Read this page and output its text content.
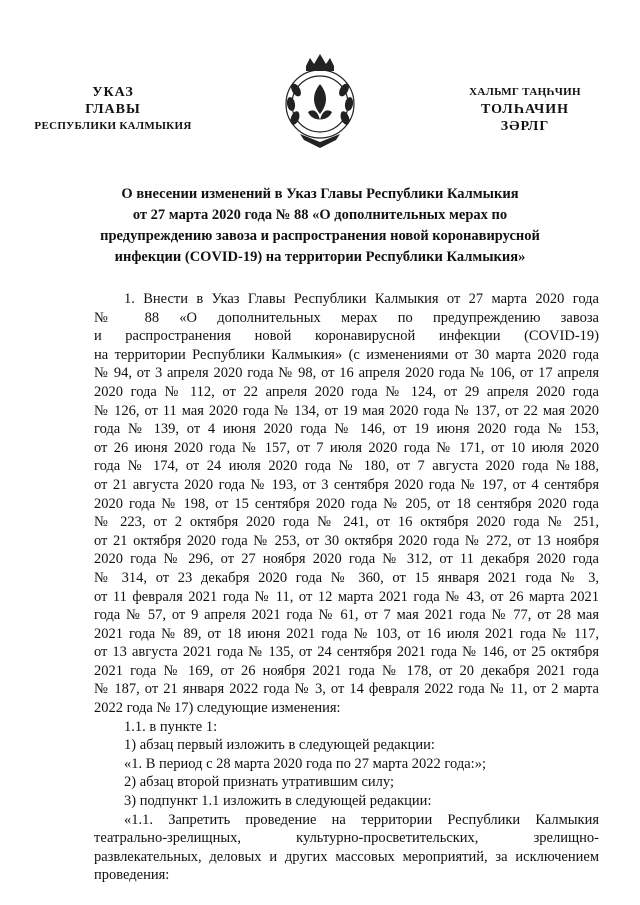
УКАЗ
ГЛАВЫ
РЕСПУБЛИКИ КАЛМЫКИЯ
ХАЛЬМГ ТАҢҺЧИН
ТОЛҺАЧИН
ЗӘРЛГ
О внесении изменений в Указ Главы Республики Калмыкия
от 27 марта 2020 года № 88 «О дополнительных мерах по
предупреждению завоза и распространения новой коронавирусной
инфекции (COVID-19) на территории Республики Калмыкия»
1. Внести в Указ Главы Республики Калмыкия от 27 марта 2020 года
№ 88 «О дополнительных мерах по предупреждению завоза
и распространения новой коронавирусной инфекции (COVID-19)
на территории Республики Калмыкия» (с изменениями от 30 марта 2020 года
№ 94, от 3 апреля 2020 года № 98, от 16 апреля 2020 года № 106, от 17 апреля
2020 года № 112, от 22 апреля 2020 года № 124, от 29 апреля 2020 года
№ 126, от 11 мая 2020 года № 134, от 19 мая 2020 года № 137, от 22 мая 2020
года № 139, от 4 июня 2020 года № 146, от 19 июня 2020 года № 153,
от 26 июня 2020 года № 157, от 7 июля 2020 года № 171, от 10 июля 2020
года № 174, от 24 июля 2020 года № 180, от 7 августа 2020 года №188,
от 21 августа 2020 года № 193, от 3 сентября 2020 года № 197, от 4 сентября
2020 года № 198, от 15 сентября 2020 года № 205, от 18 сентября 2020 года
№ 223, от 2 октября 2020 года № 241, от 16 октября 2020 года № 251,
от 21 октября 2020 года № 253, от 30 октября 2020 года № 272, от 13 ноября
2020 года № 296, от 27 ноября 2020 года № 312, от 11 декабря 2020 года
№ 314, от 23 декабря 2020 года № 360, от 15 января 2021 года № 3,
от 11 февраля 2021 года № 11, от 12 марта 2021 года № 43, от 26 марта 2021
года № 57, от 9 апреля 2021 года № 61, от 7 мая 2021 года № 77, от 28 мая
2021 года № 89, от 18 июня 2021 года № 103, от 16 июля 2021 года № 117,
от 13 августа 2021 года № 135, от 24 сентября 2021 года № 146, от 25 октября
2021 года № 169, от 26 ноября 2021 года № 178, от 20 декабря 2021 года
№ 187, от 21 января 2022 года № 3, от 14 февраля 2022 года № 11, от 2 марта
2022 года № 17) следующие изменения:
1.1. в пункте 1:
1) абзац первый изложить в следующей редакции:
«1. В период с 28 марта 2020 года по 27 марта 2022 года:»;
2) абзац второй признать утратившим силу;
3) подпункт 1.1 изложить в следующей редакции:
«1.1. Запретить проведение на территории Республики Калмыкия
театрально-зрелищных, культурно-просветительских, зрелищно-
развлекательных, деловых и других массовых мероприятий, за исключением
проведения:
